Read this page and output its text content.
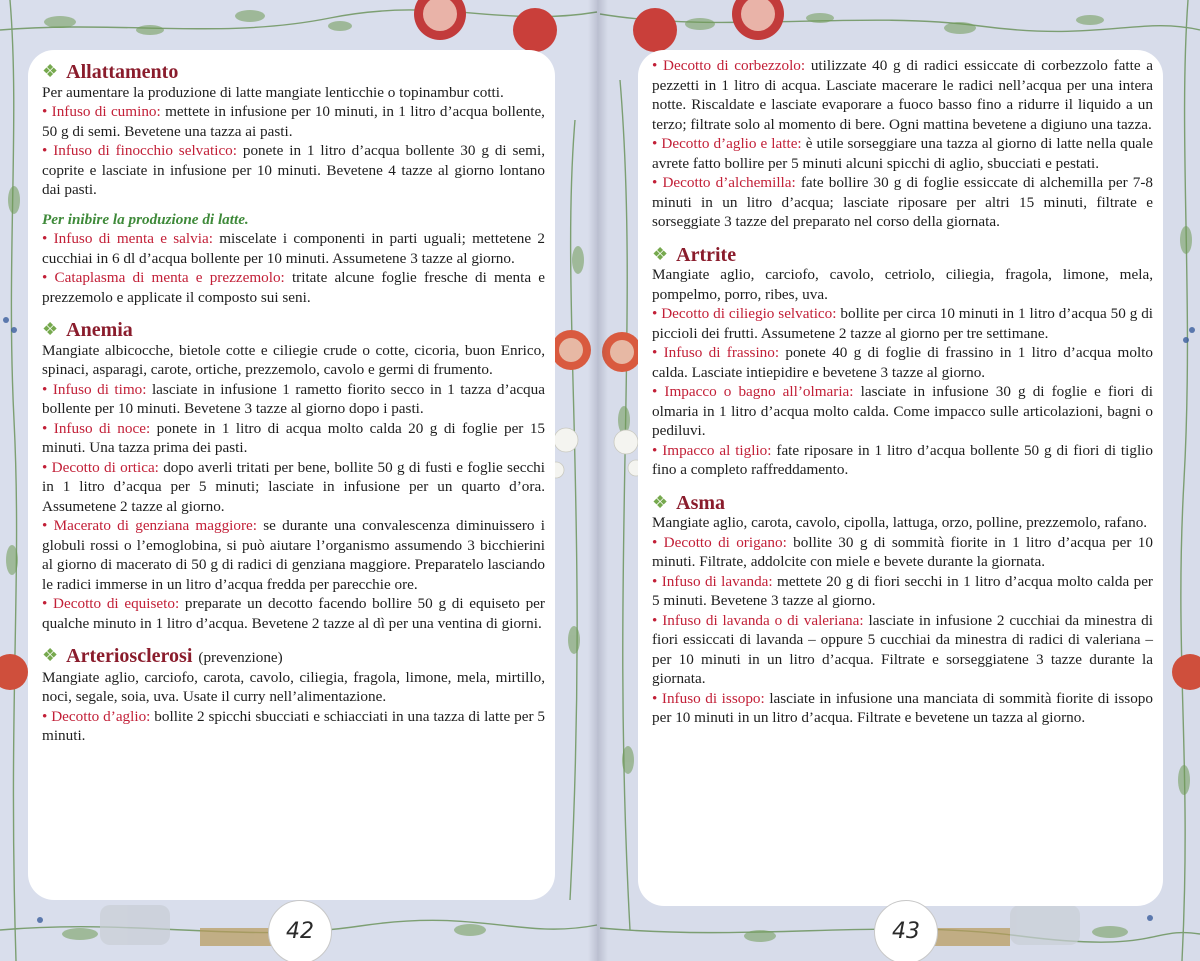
❖ Allattamento

Per aumentare la produzione di latte mangiate lenticchie o topinambur cotti.

• Infuso di cumino: mettete in infusione per 10 minuti, in 1 litro d’acqua bollente, 50 g di semi. Bevetene una tazza ai pasti.

• Infuso di finocchio selvatico: ponete in 1 litro d’acqua bollente 30 g di semi, coprite e lasciate in infusione per 10 minuti. Bevetene 4 tazze al giorno lontano dai pasti.

Per inibire la produzione di latte.

• Infuso di menta e salvia: miscelate i componenti in parti uguali; mettetene 2 cucchiai in 6 dl d’acqua bollente per 10 minuti. Assumetene 3 tazze al giorno.

• Cataplasma di menta e prezzemolo: tritate alcune foglie fresche di menta e prezzemolo e applicate il composto sui seni.

❖ Anemia

Mangiate albicocche, bietole cotte e ciliegie crude o cotte, cicoria, buon Enrico, spinaci, asparagi, carote, ortiche, prezzemolo, cavolo e germi di frumento.

• Infuso di timo: lasciate in infusione 1 rametto fiorito secco in 1 tazza d’acqua bollente per 10 minuti. Bevetene 3 tazze al giorno dopo i pasti.

• Infuso di noce: ponete in 1 litro di acqua molto calda 20 g di foglie per 15 minuti. Una tazza prima dei pasti.

• Decotto di ortica: dopo averli tritati per bene, bollite 50 g di fusti e foglie secchi in 1 litro d’acqua per 5 minuti; lasciate in infusione per un quarto d’ora. Assumetene 2 tazze al giorno.

• Macerato di genziana maggiore: se durante una convalescenza diminuissero i globuli rossi o l’emoglobina, si può aiutare l’organismo assumendo 3 bicchierini al giorno di macerato di 50 g di radici di genziana maggiore. Preparatelo lasciando le radici immerse in un litro d’acqua fredda per parecchie ore.

• Decotto di equiseto: preparate un decotto facendo bollire 50 g di equiseto per qualche minuto in 1 litro d’acqua. Bevetene 2 tazze al dì per una ventina di giorni.

❖ Arteriosclerosi (prevenzione)

Mangiate aglio, carciofo, carota, cavolo, ciliegia, fragola, limone, mela, mirtillo, noci, segale, soia, uva. Usate il curry nell’alimentazione.

• Decotto d’aglio: bollite 2 spicchi sbucciati e schiacciati in una tazza di latte per 5 minuti.

• Decotto di corbezzolo: utilizzate 40 g di radici essiccate di corbezzolo fatte a pezzetti in 1 litro di acqua. Lasciate macerare le radici nell’acqua per una intera notte. Riscaldate e lasciate evaporare a fuoco basso fino a ridurre il liquido a un terzo; filtrate solo al momento di bere. Ogni mattina bevetene a digiuno una tazza.

• Decotto d’aglio e latte: è utile sorseggiare una tazza al giorno di latte nella quale avrete fatto bollire per 5 minuti alcuni spicchi di aglio, sbucciati e pestati.

• Decotto d’alchemilla: fate bollire 30 g di foglie essiccate di alchemilla per 7-8 minuti in un litro d’acqua; lasciate riposare per altri 15 minuti, filtrate e sorseggiate 3 tazze del preparato nel corso della giornata.

❖ Artrite

Mangiate aglio, carciofo, cavolo, cetriolo, ciliegia, fragola, limone, mela, pompelmo, porro, ribes, uva.

• Decotto di ciliegio selvatico: bollite per circa 10 minuti in 1 litro d’acqua 50 g di piccioli dei frutti. Assumetene 2 tazze al giorno per tre settimane.

• Infuso di frassino: ponete 40 g di foglie di frassino in 1 litro d’acqua molto calda. Lasciate intiepidire e bevetene 3 tazze al giorno.

• Impacco o bagno all’olmaria: lasciate in infusione 30 g di foglie e fiori di olmaria in 1 litro d’acqua molto calda. Come impacco sulle articolazioni, bagni o pediluvi.

• Impacco al tiglio: fate riposare in 1 litro d’acqua bollente 50 g di fiori di tiglio fino a completo raffreddamento.

❖ Asma

Mangiate aglio, carota, cavolo, cipolla, lattuga, orzo, polline, prezzemolo, rafano.

• Decotto di origano: bollite 30 g di sommità fiorite in 1 litro d’acqua per 10 minuti. Filtrate, addolcite con miele e bevete durante la giornata.

• Infuso di lavanda: mettete 20 g di fiori secchi in 1 litro d’acqua molto calda per 5 minuti. Bevetene 3 tazze al giorno.

• Infuso di lavanda o di valeriana: lasciate in infusione 2 cucchiai da minestra di fiori essiccati di lavanda – oppure 5 cucchiai da minestra di radici di valeriana – per 10 minuti in un litro d’acqua. Filtrate e sorseggiatene 3 tazze durante la giornata.

• Infuso di issopo: lasciate in infusione una manciata di sommità fiorite di issopo per 10 minuti in un litro d’acqua. Filtrate e bevetene un tazza al giorno.

42	43
